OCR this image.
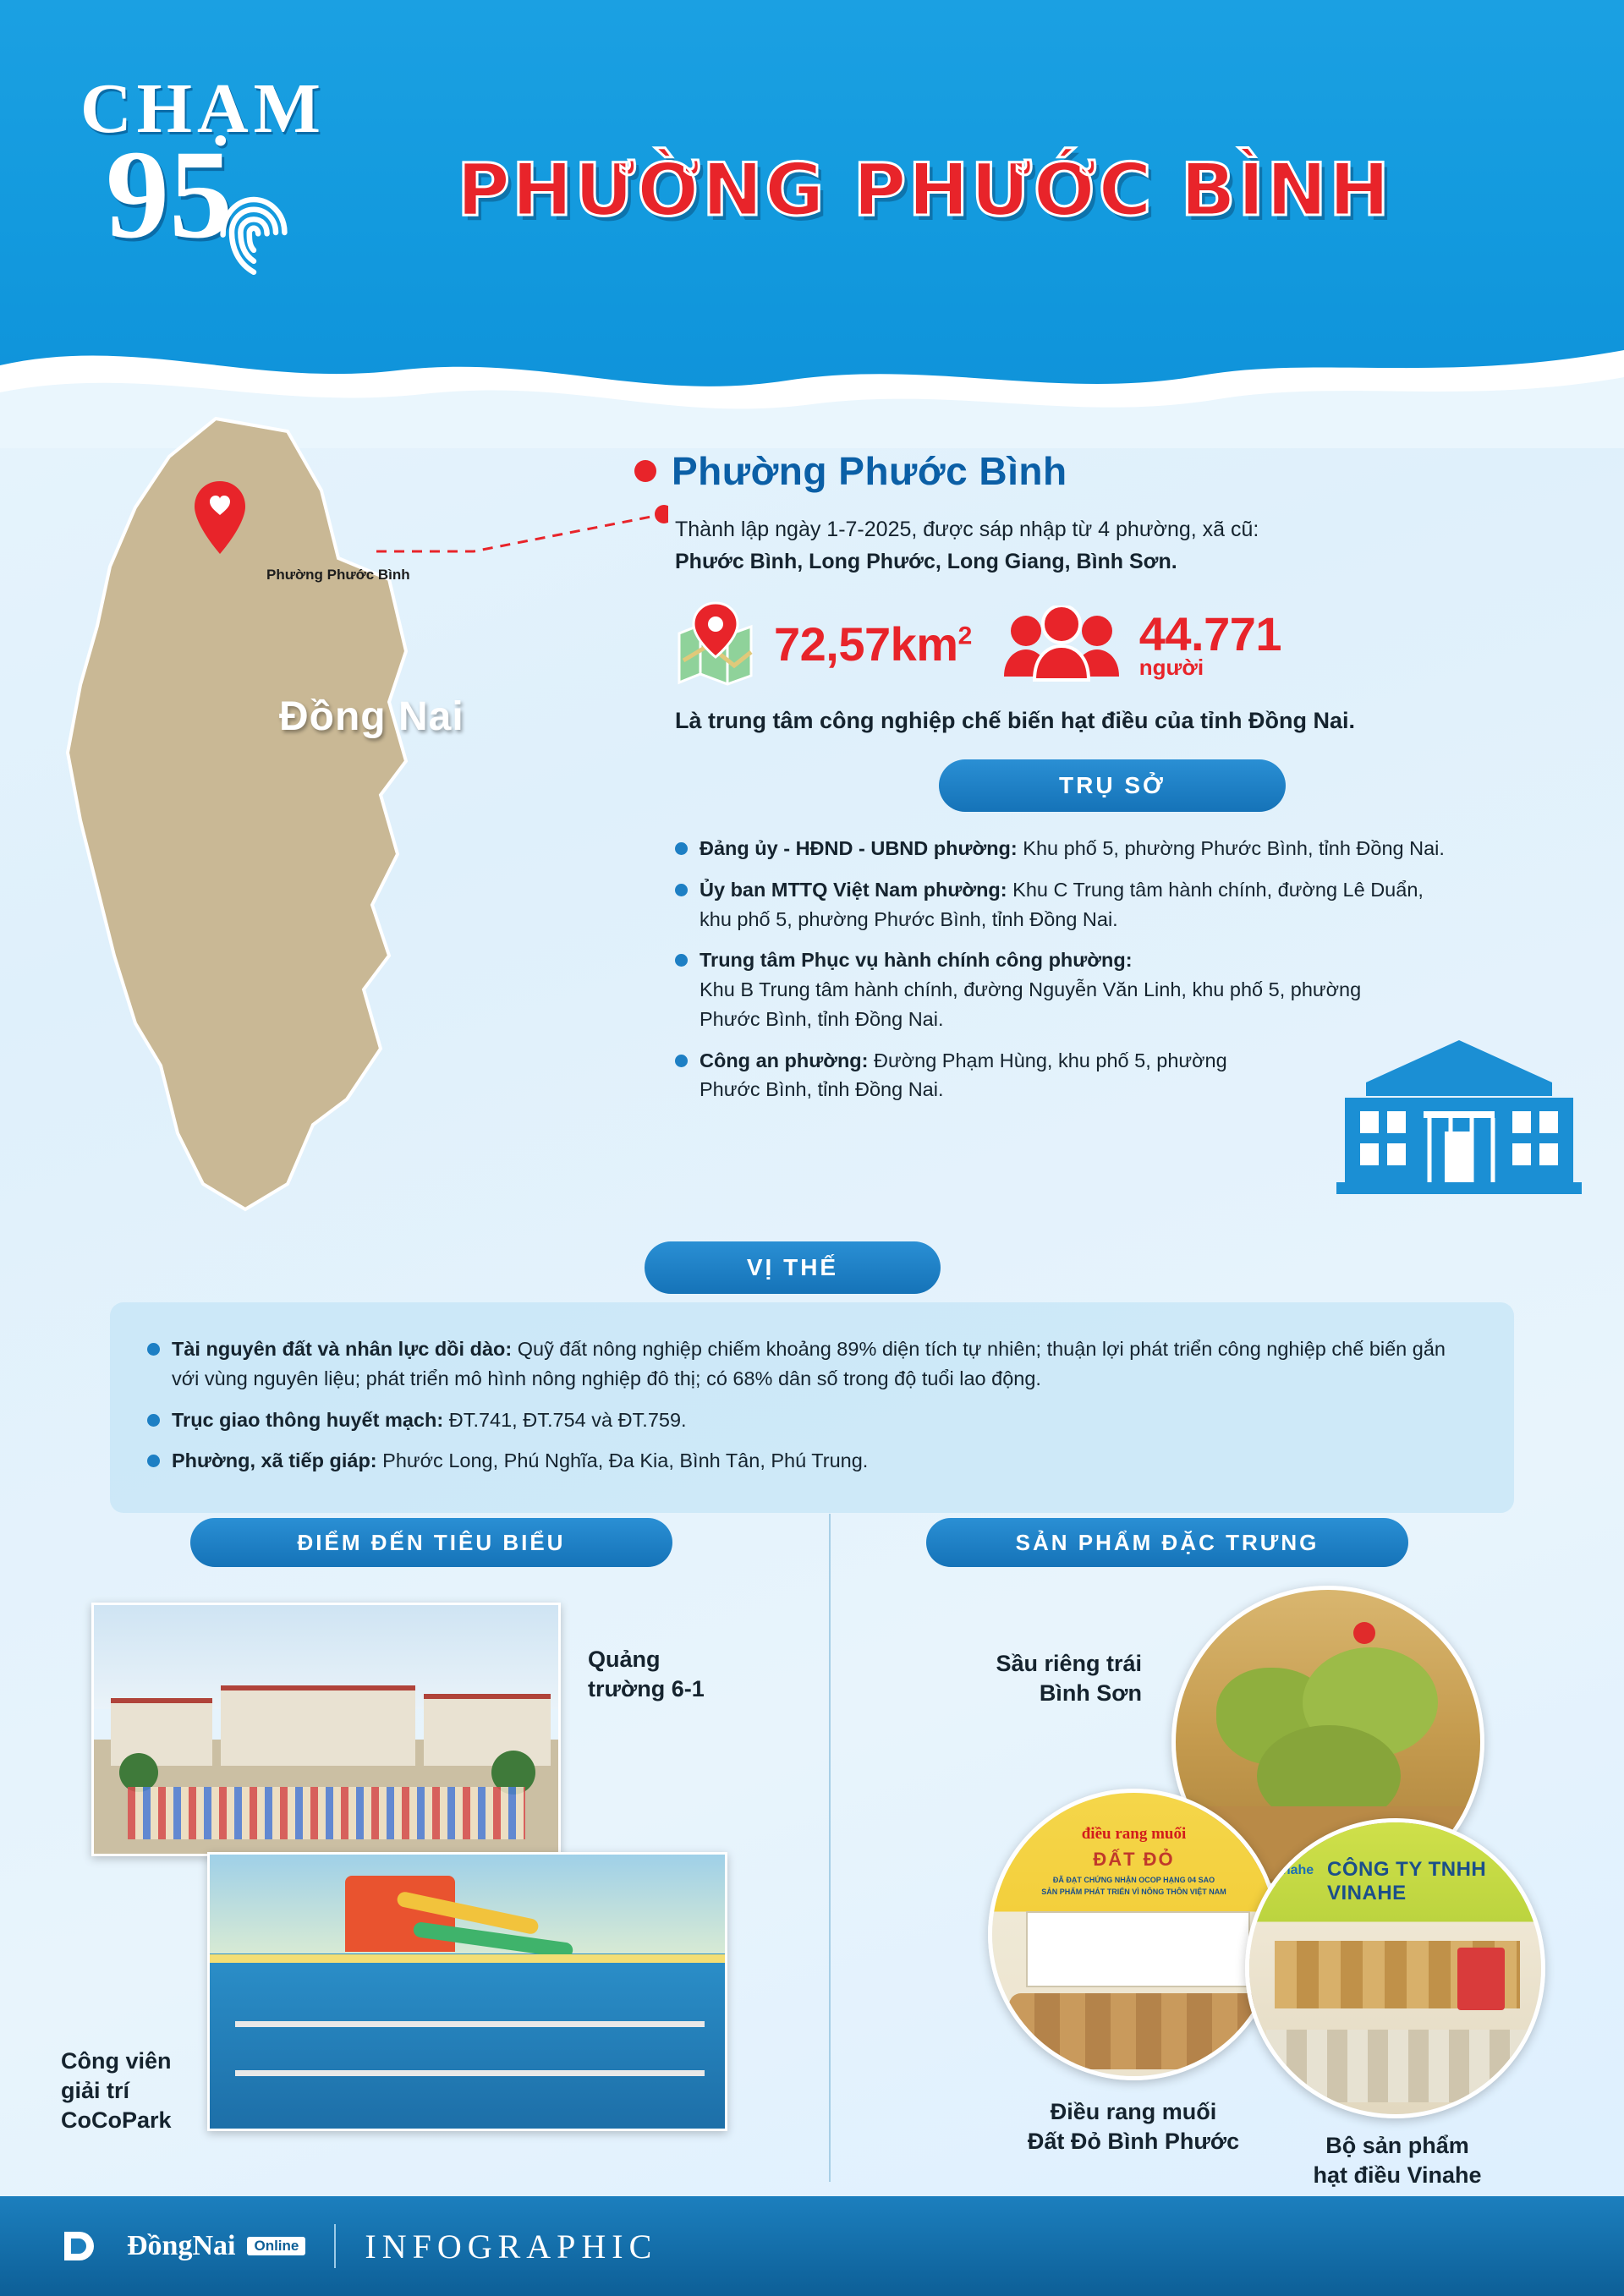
CHẠM
95	PHƯỜNG PHƯỚC BÌNH
Phường Phước Bình
Đồng Nai
Phường Phước Bình
Thành lập ngày 1-7-2025, được sáp nhập từ 4 phường, xã cũ:
Phước Bình, Long Phước, Long Giang, Bình Sơn.
$72,57km^2$	44.771
người
Là trung tâm công nghiệp chế biến hạt điều của tỉnh Đồng Nai.
TRỤ SỞ
Đảng ủy - HĐND - UBND phường: Khu phố 5, phường Phước Bình, tỉnh Đồng Nai.
Ủy ban MTTQ Việt Nam phường: Khu C Trung tâm hành chính, đường Lê Duẩn, khu phố 5, phường Phước Bình, tỉnh Đồng Nai.
Trung tâm Phục vụ hành chính công phường:
Khu B Trung tâm hành chính, đường Nguyễn Văn Linh, khu phố 5, phường Phước Bình, tỉnh Đồng Nai.
Công an phường: Đường Phạm Hùng, khu phố 5, phường Phước Bình, tỉnh Đồng Nai.
VỊ THẾ
Tài nguyên đất và nhân lực dồi dào: Quỹ đất nông nghiệp chiếm khoảng 89% diện tích tự nhiên; thuận lợi phát triển công nghiệp chế biến gắn với vùng nguyên liệu; phát triển mô hình nông nghiệp đô thị; có 68% dân số trong độ tuổi lao động.
Trục giao thông huyết mạch: ĐT.741, ĐT.754 và ĐT.759.
Phường, xã tiếp giáp: Phước Long, Phú Nghĩa, Đa Kia, Bình Tân, Phú Trung.
ĐIỂM ĐẾN TIÊU BIỂU	SẢN PHẨM ĐẶC TRƯNG
Quảng
trường 6-1
Công viên
giải trí
CoCoPark
Sầu riêng trái
Bình Sơn
điều rang muối
ĐẤT ĐỎ
ĐÃ ĐẠT CHỨNG NHẬN OCOP HẠNG 04 SAO
SẢN PHẨM PHÁT TRIỂN VÌ NÔNG THÔN VIỆT NAM
Điều rang muối
Đất Đỏ Bình Phước
Vinahe CÔNG TY TNHH VINAHE
Bộ sản phẩm
hạt điều Vinahe
ĐồngNai	Online INFOGRAPHIC
